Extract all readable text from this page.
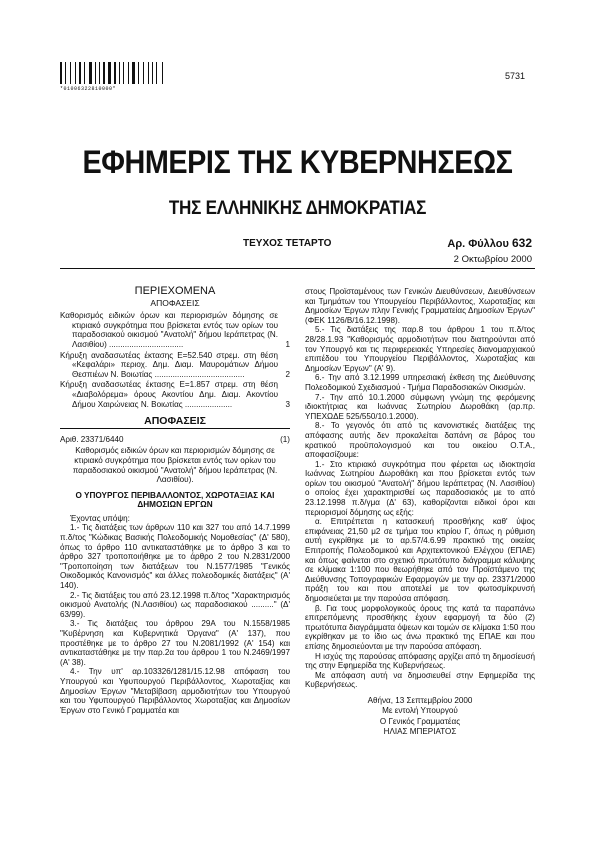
*01006322810000*
5731
ΕΦΗΜΕΡΙΣ ΤΗΣ ΚΥΒΕΡΝΗΣΕΩΣ
ΤΗΣ ΕΛΛΗΝΙΚΗΣ ΔΗΜΟΚΡΑΤΙΑΣ
ΤΕΥΧΟΣ ΤΕΤΑΡΤΟ	Αρ. Φύλλου 632
2 Οκτωβρίου 2000
ΠΕΡΙΕΧΟΜΕΝΑ
ΑΠΟΦΑΣΕΙΣ
Καθορισμός ειδικών όρων και περιορισμών δόμησης σε κτιριακό συγκρότημα που βρίσκεται εντός των ορίων του παραδοσιακού οικισμού "Ανατολή" δήμου Ιεράπετρας (Ν. Λασιθίου) .................................	1
Κήρυξη αναδασωτέας έκτασης Ε=52.540 στρεμ. στη θέση «Κεφαλάρι» περιοχ. Δημ. Διαμ. Μαυρομάτιων Δήμου Θεσπιέων Ν. Βοιωτίας ........................................	2
Κήρυξη αναδασωτέας έκτασης Ε=1.857 στρεμ. στη θέση «Διαβολόρεμα» όρους Ακοντίου Δημ. Διαμ. Ακοντίου Δήμου Χαιρώνειας Ν. Βοιωτίας .....................	3
ΑΠΟΦΑΣΕΙΣ
Αριθ. 23371/6440	(1)

Καθορισμός ειδικών όρων και περιορισμών δόμησης σε κτιριακό συγκρότημα που βρίσκεται εντός των ορίων του παραδοσιακού οικισμού "Ανατολή" δήμου Ιεράπετρας (Ν. Λασιθίου).

Ο ΥΠΟΥΡΓΟΣ ΠΕΡΙΒΑΛΛΟΝΤΟΣ, ΧΩΡΟΤΑΞΙΑΣ ΚΑΙ ΔΗΜΟΣΙΩΝ ΕΡΓΩΝ

Έχοντας υπόψη:

1.- Τις διατάξεις των άρθρων 110 και 327 του από 14.7.1999 π.δ/τος "Κώδικας Βασικής Πολεοδομικής Νομοθεσίας" (Δ' 580), όπως το άρθρο 110 αντικαταστάθηκε με το άρθρο 3 και το άρθρο 327 τροποποιήθηκε με το άρθρο 2 του Ν.2831/2000 "Τροποποίηση των διατάξεων του Ν.1577/1985 "Γενικός Οικοδομικός Κανονισμός" και άλλες πολεοδομικές διατάξεις" (Α' 140).

2.- Τις διατάξεις του από 23.12.1998 π.δ/τος "Χαρακτηρισμός οικισμού Ανατολής (Ν.Λασιθίου) ως παραδοσιακού .........." (Δ' 63/99).

3.- Τις διατάξεις του άρθρου 29Α του Ν.1558/1985 "Κυβέρνηση και Κυβερνητικά Όργανα" (Α' 137), που προστέθηκε με το άρθρο 27 του Ν.2081/1992 (Α' 154) και αντικαταστάθηκε με την παρ.2α του άρθρου 1 του Ν.2469/1997 (Α' 38).

4.- Την υπ' αρ.103326/1281/15.12.98 απόφαση του Υπουργού και Υφυπουργού Περιβάλλοντος, Χωροταξίας και Δημοσίων Έργων "Μεταβίβαση αρμοδιοτήτων του Υπουργού και του Υφυπουργού Περιβάλλοντος Χωροταξίας και Δημοσίων Έργων στο Γενικό Γραμματέα και

στους Προϊσταμένους των Γενικών Διευθύνσεων, Διευθύνσεων και Τμημάτων του Υπουργείου Περιβάλλοντος, Χωροταξίας και Δημοσίων Έργων πλην Γενικής Γραμματείας Δημοσίων Έργων" (ΦΕΚ 1126/Β/16.12.1998).

5.- Τις διατάξεις της παρ.8 του άρθρου 1 του π.δ/τος 28/28.1.93 "Καθορισμός αρμοδιοτήτων που διατηρούνται από τον Υπουργό και τις περιφερειακές Υπηρεσίες διανομαρχιακού επιπέδου του Υπουργείου Περιβάλλοντος, Χωροταξίας και Δημοσίων Έργων" (Α' 9).

6.- Την από 3.12.1999 υπηρεσιακή έκθεση της Διεύθυνσης Πολεοδομικού Σχεδιασμού - Τμήμα Παραδοσιακών Οικισμών.

7.- Την από 10.1.2000 σύμφωνη γνώμη της φερόμενης ιδιοκτήτριας και Ιωάννας Σωτηρίου Δωροθάκη (αρ.πρ. ΥΠΕΧΩΔΕ 525/550/10.1.2000).

8.- Το γεγονός ότι από τις κανονιστικές διατάξεις της απόφασης αυτής δεν προκαλείται δαπάνη σε βάρος του κρατικού προϋπολογισμού και του οικείου Ο.Τ.Α., αποφασίζουμε:

1.- Στο κτιριακό συγκρότημα που φέρεται ως ιδιοκτησία Ιωάννας Σωτηρίου Δωροθάκη και που βρίσκεται εντός των ορίων του οικισμού "Ανατολή" δήμου Ιεράπετρας (Ν. Λασιθίου) ο οποίος έχει χαρακτηρισθεί ως παραδοσιακός με το από 23.12.1998 π.δ/γμα (Δ' 63), καθορίζονται ειδικοί όροι και περιορισμοί δόμησης ως εξής:

α. Επιτρέπεται η κατασκευή προσθήκης καθ' ύψος επιφάνειας 21,50 μ2 σε τμήμα του κτιρίου Γ, όπως η ρύθμιση αυτή εγκρίθηκε με το αρ.57/4.6.99 πρακτικό της οικείας Επιτροπής Πολεοδομικού και Αρχιτεκτονικού Ελέγχου (ΕΠΑΕ) και όπως φαίνεται στο σχετικό πρωτότυπο διάγραμμα κάλυψης σε κλίμακα 1:100 που θεωρήθηκε από τον Προϊστάμενο της Διεύθυνσης Τοπογραφικών Εφαρμογών με την αρ. 23371/2000 πράξη του και που αποτελεί με τον φωτοσμίκρυνσή δημοσιεύεται με την παρούσα απόφαση.

β. Για τους μορφολογικούς όρους της κατά τα παραπάνω επιτρεπόμενης προσθήκης έχουν εφαρμογή τα δύο (2) πρωτότυπα διαγράμματα όψεων και τομών σε κλίμακα 1:50 που εγκρίθηκαν με το ίδιο ως άνω πρακτικό της ΕΠΑΕ και που επίσης δημοσιεύονται με την παρούσα απόφαση.

Η ισχύς της παρούσας απόφασης αρχίζει από τη δημοσίευσή της στην Εφημερίδα της Κυβερνήσεως.

Με απόφαση αυτή να δημοσιευθεί στην Εφημερίδα της Κυβερνήσεως.

Αθήνα, 13 Σεπτεμβρίου 2000
Με εντολή Υπουργού
Ο Γενικός Γραμματέας
ΗΛΙΑΣ ΜΠΕΡΙΑΤΟΣ
